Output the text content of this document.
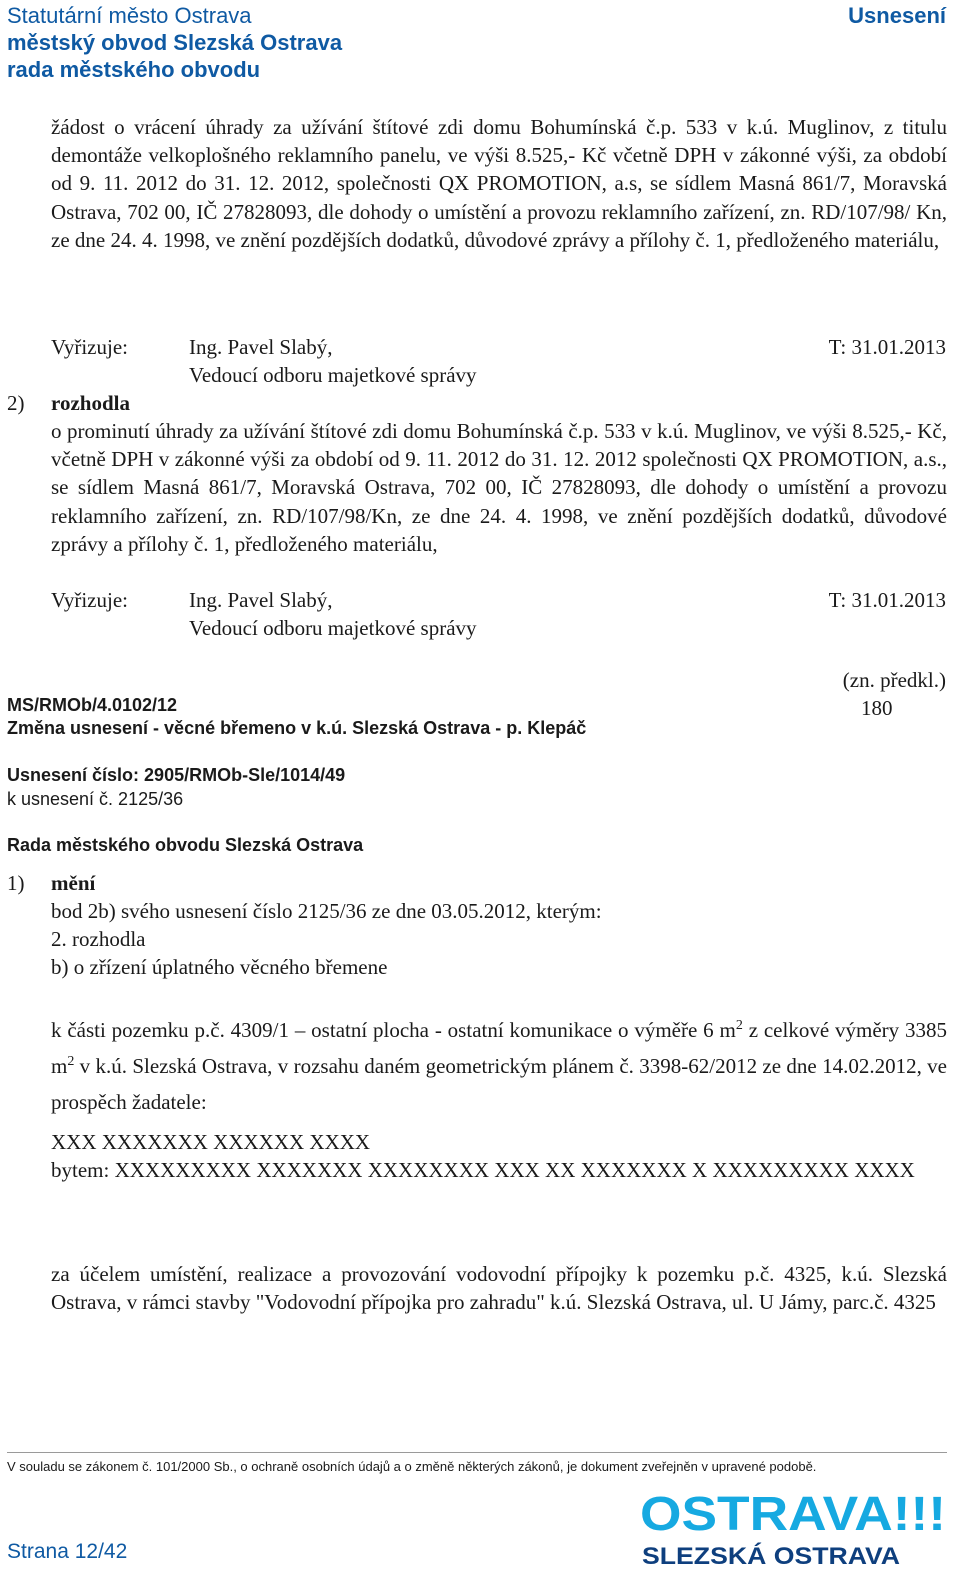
Statutární město Ostrava
městský obvod Slezská Ostrava
rada městského obvodu
Usnesení
žádost o vrácení úhrady za užívání štítové zdi domu Bohumínská č.p. 533 v k.ú. Muglinov, z titulu demontáže velkoplošného reklamního panelu, ve výši 8.525,- Kč včetně DPH v zákonné výši, za období od 9. 11. 2012 do 31. 12. 2012, společnosti QX PROMOTION, a.s, se sídlem Masná 861/7, Moravská Ostrava, 702 00, IČ 27828093, dle dohody o umístění a provozu reklamního zařízení, zn. RD/107/98/ Kn, ze dne 24. 4. 1998, ve znění pozdějších dodatků, důvodové zprávy a přílohy č. 1, předloženého materiálu,
Vyřizuje:	Ing. Pavel Slabý,
Vedoucí odboru majetkové správy
T: 31.01.2013
2) rozhodla
o prominutí úhrady za užívání štítové zdi domu Bohumínská č.p. 533 v k.ú. Muglinov, ve výši 8.525,- Kč, včetně DPH v zákonné výši za období od 9. 11. 2012 do 31. 12. 2012 společnosti QX PROMOTION, a.s., se sídlem Masná 861/7, Moravská Ostrava, 702 00, IČ 27828093, dle dohody o umístění a provozu reklamního zařízení, zn. RD/107/98/Kn, ze dne 24. 4. 1998, ve znění pozdějších dodatků, důvodové zprávy a přílohy č. 1, předloženého materiálu,
Vyřizuje:	Ing. Pavel Slabý,
Vedoucí odboru majetkové správy
T: 31.01.2013
(zn. předkl.)
180
MS/RMOb/4.0102/12
Změna usnesení - věcné břemeno v k.ú. Slezská Ostrava - p. Klepáč
Usnesení číslo: 2905/RMOb-Sle/1014/49
k usnesení č. 2125/36
Rada městského obvodu Slezská Ostrava
1) mění
bod 2b) svého usnesení číslo 2125/36 ze dne 03.05.2012, kterým:
2. rozhodla
b) o zřízení úplatného věcného břemene
k části pozemku p.č. 4309/1 – ostatní plocha - ostatní komunikace o výměře 6 $m^2$ z celkové výměry 3385 $m^2$ v k.ú. Slezská Ostrava, v rozsahu daném geometrickým plánem č. 3398-62/2012 ze dne 14.02.2012, ve prospěch žadatele:
XXX XXXXXXX XXXXXX XXXX
bytem: XXXXXXXXX XXXXXXX XXXXXXXX XXX XX XXXXXXX X XXXXXXXXX XXXX
za účelem umístění, realizace a provozování vodovodní přípojky k pozemku p.č. 4325, k.ú. Slezská Ostrava, v rámci stavby "Vodovodní přípojka pro zahradu" k.ú. Slezská Ostrava, ul. U Jámy, parc.č. 4325
V souladu se zákonem č. 101/2000 Sb., o ochraně osobních údajů a o změně některých zákonů, je dokument zveřejněn v upravené podobě.
Strana 12/42
OSTRAVA!!!
SLEZSKÁ OSTRAVA
